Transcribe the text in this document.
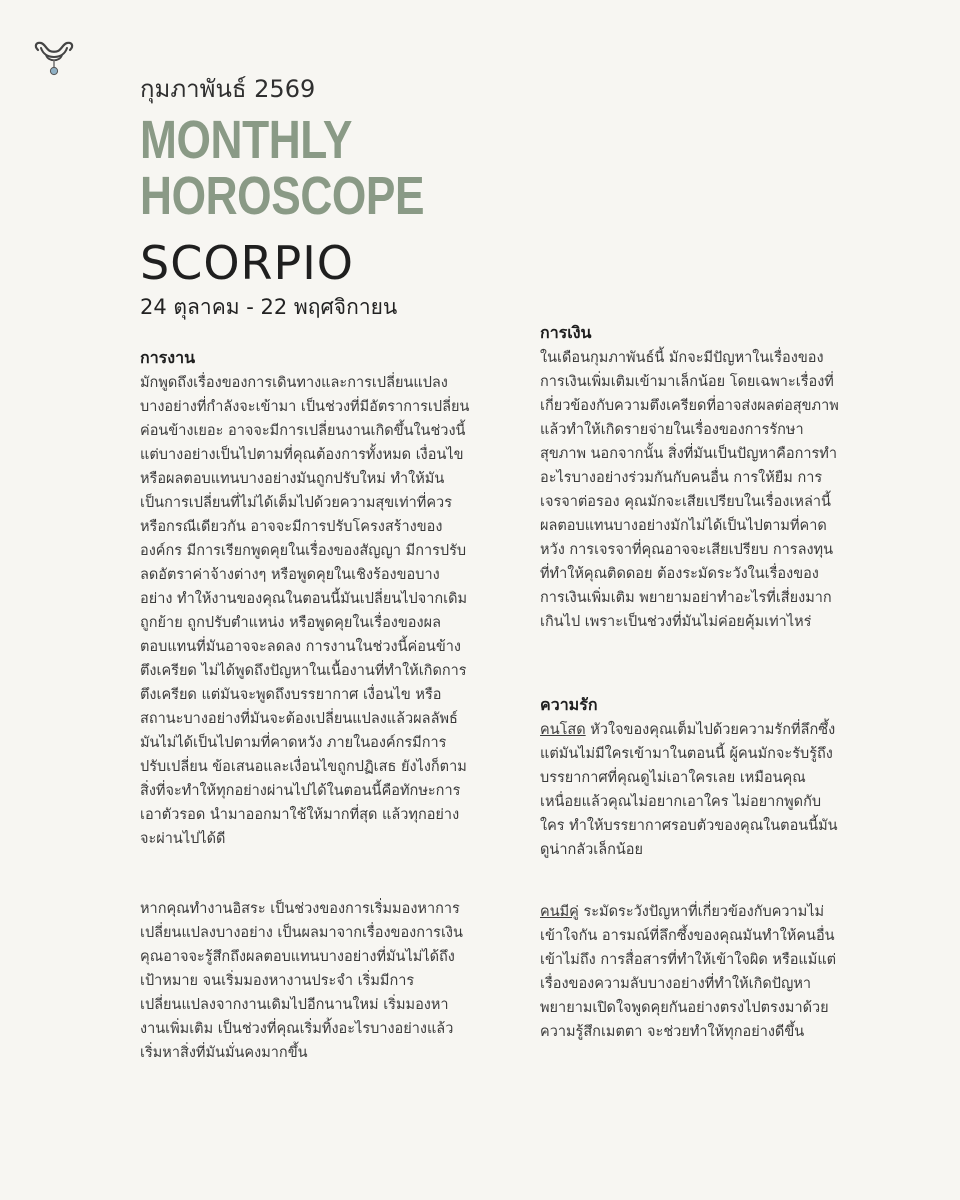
กุมภาพันธ์ 2569

MONTHLY
HOROSCOPE

SCORPIO

24 ตุลาคม - 22 พฤศจิกายน

การงาน

มักพูดถึงเรื่องของการเดินทางและการเปลี่ยนแปลงบางอย่างที่กำลังจะเข้ามา เป็นช่วงที่มีอัตราการเปลี่ยนค่อนข้างเยอะ อาจจะมีการเปลี่ยนงานเกิดขึ้นในช่วงนี้ แต่บางอย่างเป็นไปตามที่คุณต้องการทั้งหมด เงื่อนไขหรือผลตอบแทนบางอย่างมันถูกปรับใหม่ ทำให้มันเป็นการเปลี่ยนที่ไม่ได้เต็มไปด้วยความสุขเท่าที่ควร หรือกรณีเดียวกัน อาจจะมีการปรับโครงสร้างขององค์กร มีการเรียกพูดคุยในเรื่องของสัญญา มีการปรับลดอัตราค่าจ้างต่างๆ หรือพูดคุยในเชิงร้องขอบางอย่าง ทำให้งานของคุณในตอนนี้มันเปลี่ยนไปจากเดิม ถูกย้าย ถูกปรับตำแหน่ง หรือพูดคุยในเรื่องของผลตอบแทนที่มันอาจจะลดลง การงานในช่วงนี้ค่อนข้างตึงเครียด ไม่ได้พูดถึงปัญหาในเนื้องานที่ทำให้เกิดการตึงเครียด แต่มันจะพูดถึงบรรยากาศ เงื่อนไข หรือสถานะบางอย่างที่มันจะต้องเปลี่ยนแปลงแล้วผลลัพธ์มันไม่ได้เป็นไปตามที่คาดหวัง ภายในองค์กรมีการปรับเปลี่ยน ข้อเสนอและเงื่อนไขถูกปฏิเสธ ยังไงก็ตาม สิ่งที่จะทำให้ทุกอย่างผ่านไปได้ในตอนนี้คือทักษะการเอาตัวรอด นำมาออกมาใช้ให้มากที่สุด แล้วทุกอย่างจะผ่านไปได้ดี

หากคุณทำงานอิสระ เป็นช่วงของการเริ่มมองหาการเปลี่ยนแปลงบางอย่าง เป็นผลมาจากเรื่องของการเงิน คุณอาจจะรู้สึกถึงผลตอบแทนบางอย่างที่มันไม่ได้ถึงเป้าหมาย จนเริ่มมองหางานประจำ เริ่มมีการเปลี่ยนแปลงจากงานเดิมไปอีกนานใหม่ เริ่มมองหางานเพิ่มเติม เป็นช่วงที่คุณเริ่มทิ้งอะไรบางอย่างแล้วเริ่มหาสิ่งที่มันมั่นคงมากขึ้น

การเงิน

ในเดือนกุมภาพันธ์นี้ มักจะมีปัญหาในเรื่องของการเงินเพิ่มเติมเข้ามาเล็กน้อย โดยเฉพาะเรื่องที่เกี่ยวข้องกับความตึงเครียดที่อาจส่งผลต่อสุขภาพ แล้วทำให้เกิดรายจ่ายในเรื่องของการรักษาสุขภาพ นอกจากนั้น สิ่งที่มันเป็นปัญหาคือการทำอะไรบางอย่างร่วมกันกับคนอื่น การให้ยืม การเจรจาต่อรอง คุณมักจะเสียเปรียบในเรื่องเหล่านี้ ผลตอบแทนบางอย่างมักไม่ได้เป็นไปตามที่คาดหวัง การเจรจาที่คุณอาจจะเสียเปรียบ การลงทุนที่ทำให้คุณติดดอย ต้องระมัดระวังในเรื่องของการเงินเพิ่มเติม พยายามอย่าทำอะไรที่เสี่ยงมากเกินไป เพราะเป็นช่วงที่มันไม่ค่อยคุ้มเท่าไหร่

ความรัก

คนโสด หัวใจของคุณเต็มไปด้วยความรักที่ลึกซึ้ง แต่มันไม่มีใครเข้ามาในตอนนี้ ผู้คนมักจะรับรู้ถึงบรรยากาศที่คุณดูไม่เอาใครเลย เหมือนคุณเหนื่อยแล้วคุณไม่อยากเอาใคร ไม่อยากพูดกับใคร ทำให้บรรยากาศรอบตัวของคุณในตอนนี้มันดูน่ากลัวเล็กน้อย

คนมีคู่ ระมัดระวังปัญหาที่เกี่ยวข้องกับความไม่เข้าใจกัน อารมณ์ที่ลึกซึ้งของคุณมันทำให้คนอื่นเข้าไม่ถึง การสื่อสารที่ทำให้เข้าใจผิด หรือแม้แต่เรื่องของความลับบางอย่างที่ทำให้เกิดปัญหา พยายามเปิดใจพูดคุยกันอย่างตรงไปตรงมาด้วยความรู้สึกเมตตา จะช่วยทำให้ทุกอย่างดีขึ้น
